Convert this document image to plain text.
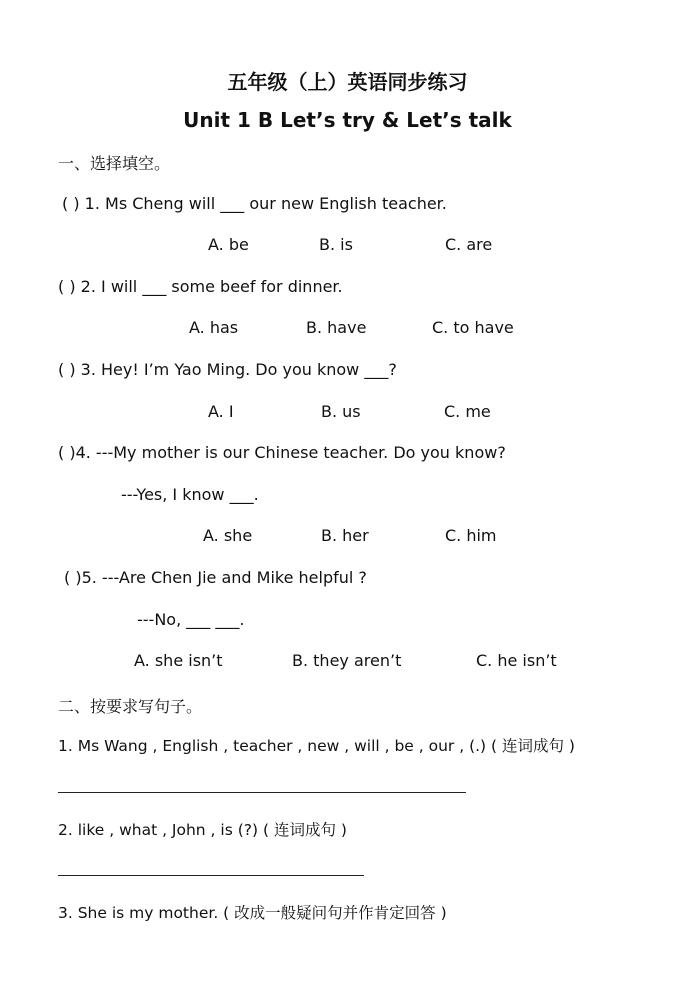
五年级（上）英语同步练习
Unit 1 B Let’s try & Let’s talk
一、选择填空。
( ) 1. Ms Cheng will ___ our new English teacher.
A. be	B. is	C. are
( ) 2. I will ___ some beef for dinner.
A. has	B. have	C. to have
( ) 3. Hey! I’m Yao Ming. Do you know ___?
A. I	B. us	C. me
( )4. ---My mother is our Chinese teacher. Do you know?
---Yes, I know ___.
A. she	B. her	C. him
( )5. ---Are Chen Jie and Mike helpful ?
---No, ___ ___.
A. she isn’t	B. they aren’t	C. he isn’t
二、按要求写句子。
1. Ms Wang , English , teacher , new , will , be , our , (.) ( 连词成句 )
2. like , what , John , is (?) ( 连词成句 )
3. She is my mother. ( 改成一般疑问句并作肯定回答 )
